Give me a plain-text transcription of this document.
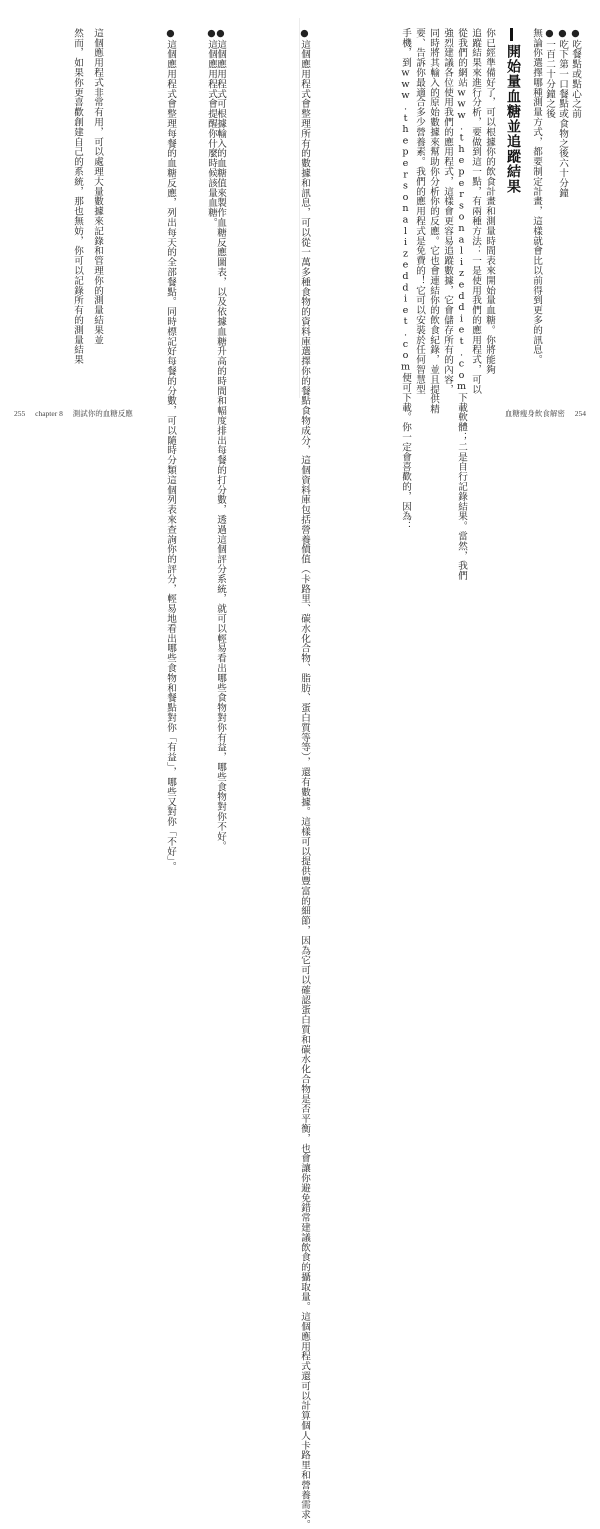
●吃餐點或點心之前
●吃下第一口餐點或食物之後六十分鐘
●一百二十分鐘之後
無論你選擇哪種測量方式，都要制定計畫，這樣就會比以前得到更多的訊息。
開始量血糖並追蹤結果
你已經準備好了，可以根據你的飲食計畫和測量時間表來開始量血糖。你將能夠
追蹤結果來進行分析，要做到這一點，有兩種方法：一是使用我們的應用程式，可以
從我們的網站www.thepersonalizeddiet.com下載軟體；二是自行記錄結果。當然，我們
強烈建議各位使用我們的應用程式，這樣會更容易追蹤數據，它會儲存所有的內容，
同時將其輸入的原始數據來幫助你分析你的反應。它也會連結你的飲食紀錄，並且提供精
要、告訴你最適合多少營養素。我們的應用程式是免費的！它可以安裝於任何智慧型
手機，到www.thepersonalizeddiet.com便可下載。你一定會喜歡的，因為：	血糖瘦身飲食解密 254
●這個應用程式會整理所有的數據和訊息，可以從一萬多種食物的資料庫選擇你的餐點食物成分，這個資料庫包括營養價值（卡路里、碳水化合物、脂肪、蛋白質等等），還有數據。這樣可以提供豐富的細節，因為它可以確認蛋白質和碳水化合物是否平衡，也會讓你避免錯常建議飲食的攝取量。這個應用程式還可以計算個人卡路里和營養需求。
●這個應用程式會提醒你什麼時候該量血糖。
●這個應用程式可根據輸入的血糖值來製作血糖反應圖表，以及依據血糖升高的時間和幅度排出每餐的打分數，透過這個評分系統，就可以輕易看出哪些食物對你有益，哪些食物對你不好。
●這個應用程式會整理每餐的血糖反應，列出每天的全部餐點。同時標記好每餐的分數，可以隨時分類這個列表來查詢你的評分，輕易地看出哪些食物和餐點對你「有益」，哪些又對你「不好」。
這個應用程式非常有用，可以處理大量數據來記錄和管理你的測量結果並
然而，如果你更喜歡創建自己的系統，那也無妨，你可以記錄所有的測量結果
255 chapter 8 測試你的血糖反應
